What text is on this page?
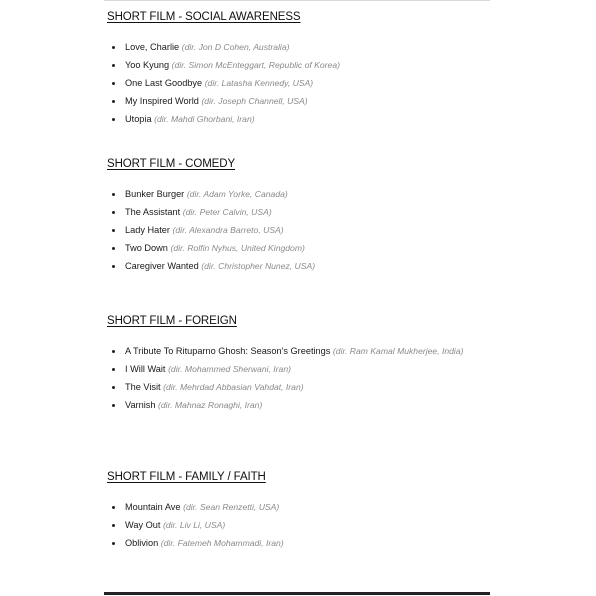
SHORT FILM - SOCIAL AWARENESS
Love, Charlie (dir. Jon D Cohen, Australia)
Yoo Kyung (dir. Simon McEnteggart, Republic of Korea)
One Last Goodbye (dir. Latasha Kennedy, USA)
My Inspired World (dir. Joseph Channell, USA)
Utopia (dir. Mahdi Ghorbani, Iran)
SHORT FILM - COMEDY
Bunker Burger (dir. Adam Yorke, Canada)
The Assistant (dir. Peter Calvin, USA)
Lady Hater (dir. Alexandra Barreto, USA)
Two Down (dir. Rolfin Nyhus, United Kingdom)
Caregiver Wanted (dir. Christopher Nunez, USA)
SHORT FILM - FOREIGN
A Tribute To Rituparno Ghosh: Season's Greetings (dir. Ram Kamal Mukherjee, India)
I Will Wait (dir. Mohammed Sherwani, Iran)
The Visit (dir. Mehrdad Abbasian Vahdat, Iran)
Varnish (dir. Mahnaz Ronaghi, Iran)
SHORT FILM - FAMILY / FAITH
Mountain Ave (dir. Sean Renzetti, USA)
Way Out (dir. Liv Li, USA)
Oblivion (dir. Fatemeh Mohammadi, Iran)
